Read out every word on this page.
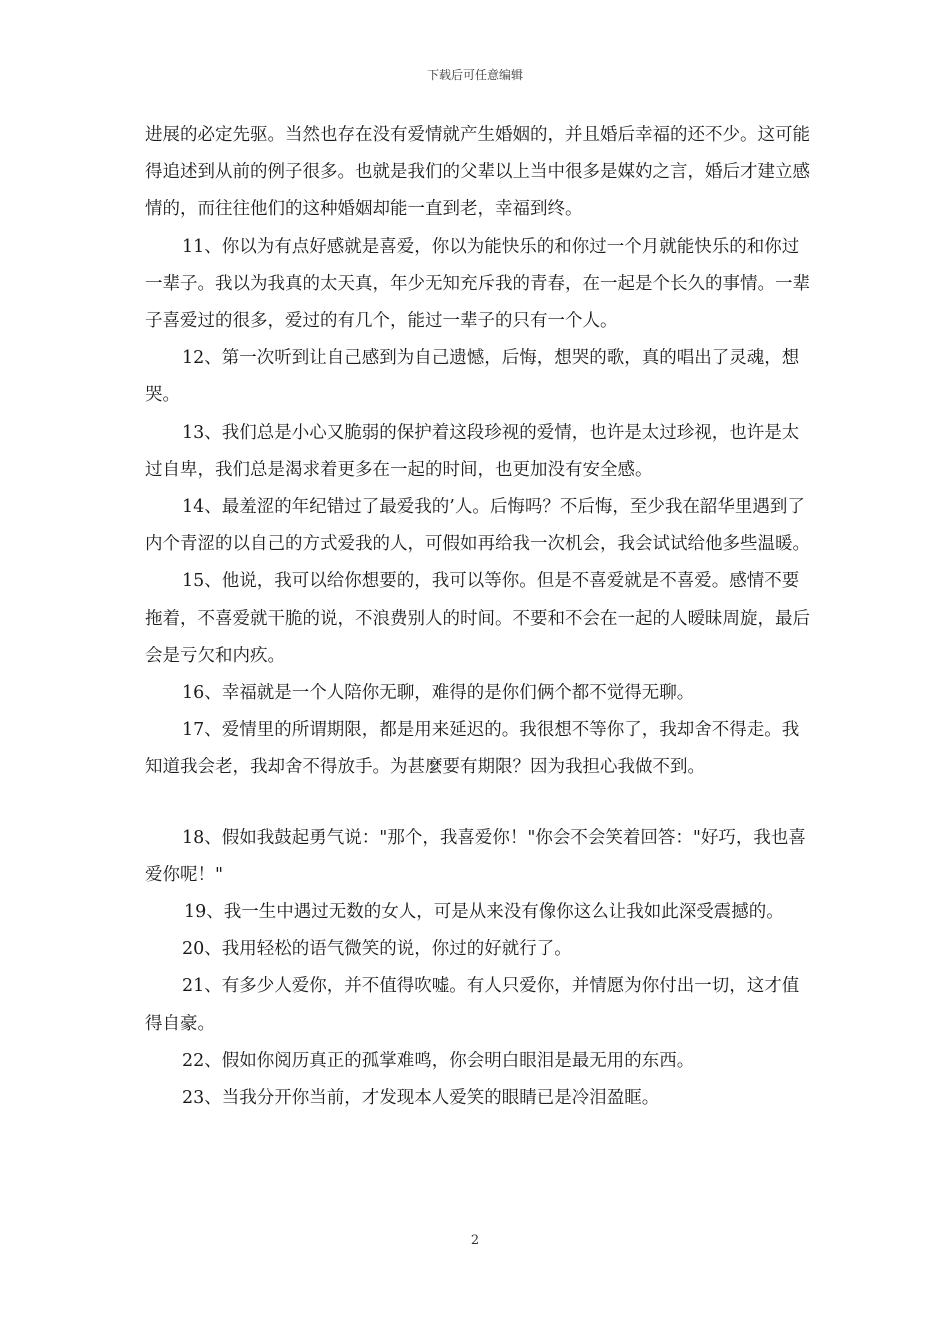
下载后可任意编辑

进展的必定先驱。当然也存在没有爱情就产生婚姻的，并且婚后幸福的还不少。这可能得追述到从前的例子很多。也就是我们的父辈以上当中很多是媒妁之言，婚后才建立感情的，而往往他们的这种婚姻却能一直到老，幸福到终。

11、你以为有点好感就是喜爱，你以为能快乐的和你过一个月就能快乐的和你过一辈子。我以为我真的太天真，年少无知充斥我的青春，在一起是个长久的事情。一辈子喜爱过的很多，爱过的有几个，能过一辈子的只有一个人。

12、第一次听到让自己感到为自己遗憾，后悔，想哭的歌，真的唱出了灵魂，想哭。

13、我们总是小心又脆弱的保护着这段珍视的爱情，也许是太过珍视，也许是太过自卑，我们总是渴求着更多在一起的时间，也更加没有安全感。

14、最羞涩的年纪错过了最爱我的’人。后悔吗？不后悔，至少我在韶华里遇到了内个青涩的以自己的方式爱我的人，可假如再给我一次机会，我会试试给他多些温暖。

15、他说，我可以给你想要的，我可以等你。但是不喜爱就是不喜爱。感情不要拖着，不喜爱就干脆的说，不浪费别人的时间。不要和不会在一起的人暧昧周旋，最后会是亏欠和内疚。

16、幸福就是一个人陪你无聊，难得的是你们俩个都不觉得无聊。

17、爱情里的所谓期限，都是用来延迟的。我很想不等你了，我却舍不得走。我知道我会老，我却舍不得放手。为甚麼要有期限？因为我担心我做不到。

18、假如我鼓起勇气说："那个，我喜爱你！"你会不会笑着回答："好巧，我也喜爱你呢！"

19、我一生中遇过无数的女人，可是从来没有像你这么让我如此深受震撼的。

20、我用轻松的语气微笑的说，你过的好就行了。

21、有多少人爱你，并不值得吹嘘。有人只爱你，并情愿为你付出一切，这才值得自豪。

22、假如你阅历真正的孤掌难鸣，你会明白眼泪是最无用的东西。

23、当我分开你当前，才发现本人爱笑的眼睛已是冷泪盈眶。

2
